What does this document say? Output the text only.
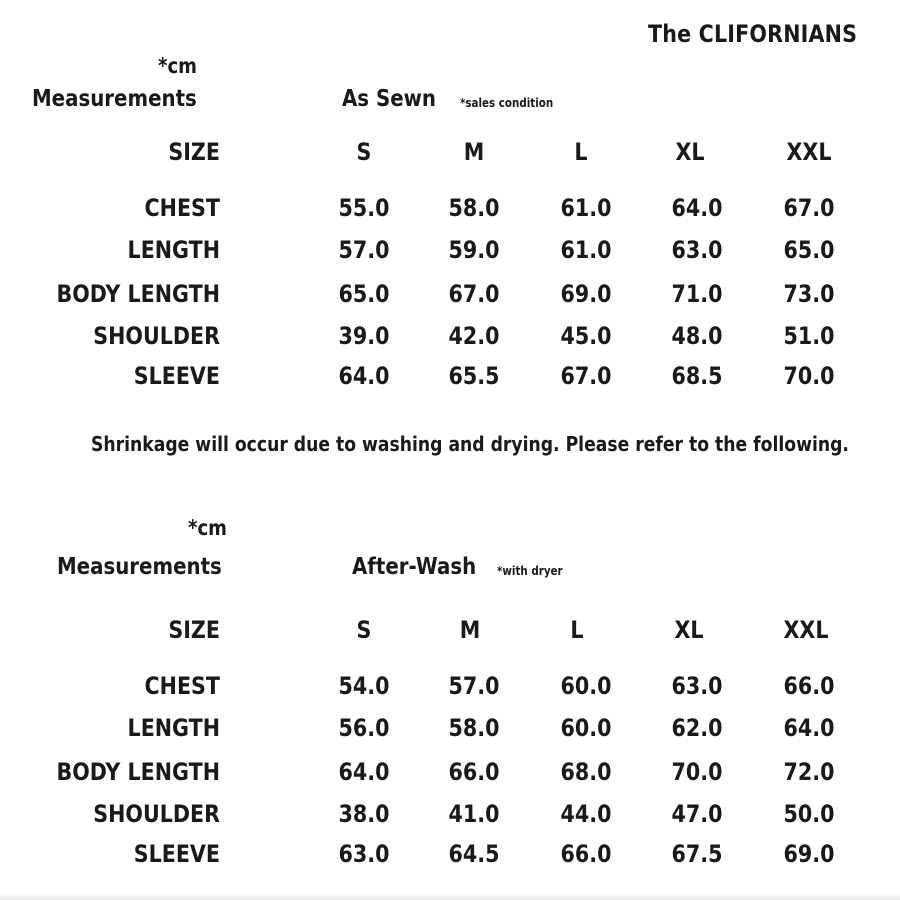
The CLIFORNIANS
*cm
Measurements	As Sewn *sales condition
SIZE	S	M	L	XL	XXL
CHEST	55.0	58.0	61.0	64.0	67.0
LENGTH	57.0	59.0	61.0	63.0	65.0
BODY LENGTH	65.0	67.0	69.0	71.0	73.0
SHOULDER	39.0	42.0	45.0	48.0	51.0
SLEEVE	64.0	65.5	67.0	68.5	70.0
Shrinkage will occur due to washing and drying. Please refer to the following.
*cm
Measurements	After-Wash *with dryer
SIZE	S	M	L	XL	XXL
CHEST	54.0	57.0	60.0	63.0	66.0
LENGTH	56.0	58.0	60.0	62.0	64.0
BODY LENGTH	64.0	66.0	68.0	70.0	72.0
SHOULDER	38.0	41.0	44.0	47.0	50.0
SLEEVE	63.0	64.5	66.0	67.5	69.0
